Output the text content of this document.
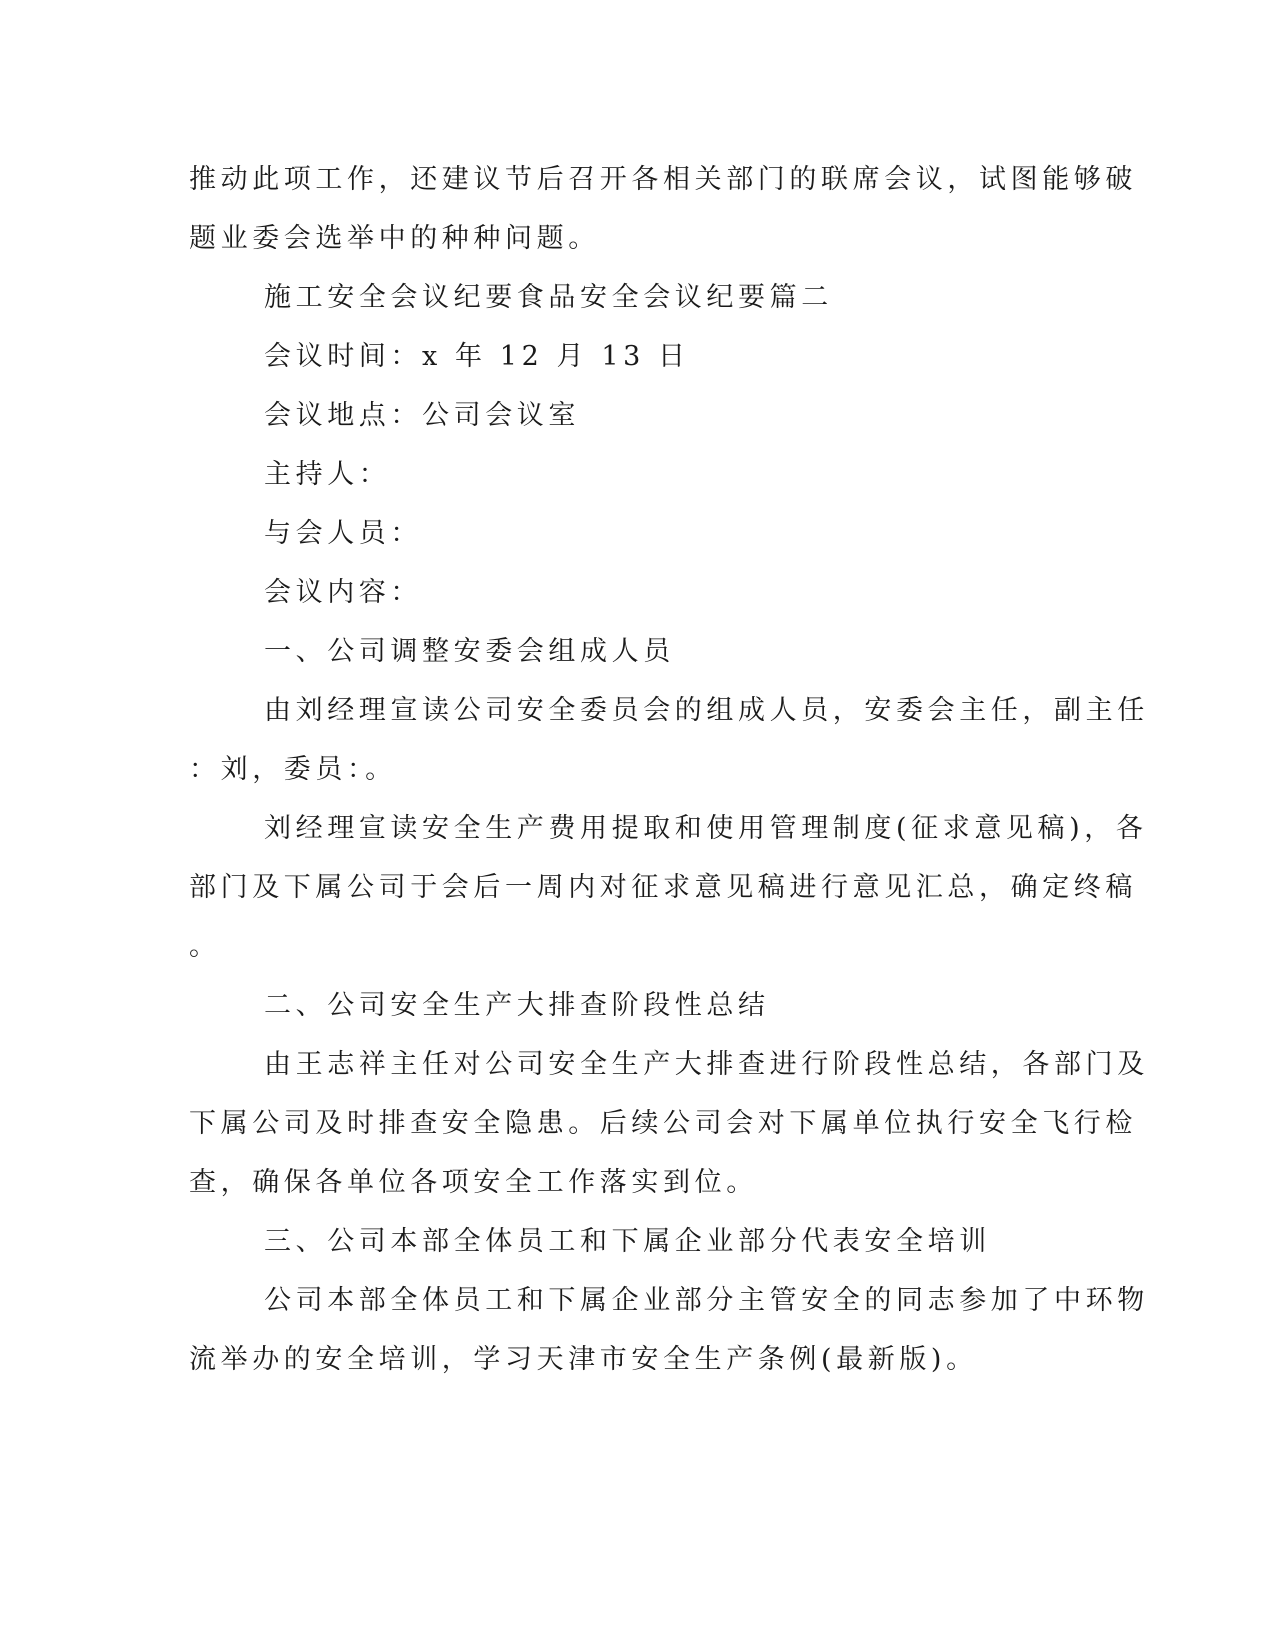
推动此项工作，还建议节后召开各相关部门的联席会议，试图能够破
题业委会选举中的种种问题。
施工安全会议纪要食品安全会议纪要篇二
会议时间：x 年 12 月 13 日
会议地点：公司会议室
主持人：
与会人员：
会议内容：
一、公司调整安委会组成人员
由刘经理宣读公司安全委员会的组成人员，安委会主任，副主任
：刘，委员：。
刘经理宣读安全生产费用提取和使用管理制度(征求意见稿)，各
部门及下属公司于会后一周内对征求意见稿进行意见汇总，确定终稿
。
二、公司安全生产大排查阶段性总结
由王志祥主任对公司安全生产大排查进行阶段性总结，各部门及
下属公司及时排查安全隐患。后续公司会对下属单位执行安全飞行检
查，确保各单位各项安全工作落实到位。
三、公司本部全体员工和下属企业部分代表安全培训
公司本部全体员工和下属企业部分主管安全的同志参加了中环物
流举办的安全培训，学习天津市安全生产条例(最新版)。
